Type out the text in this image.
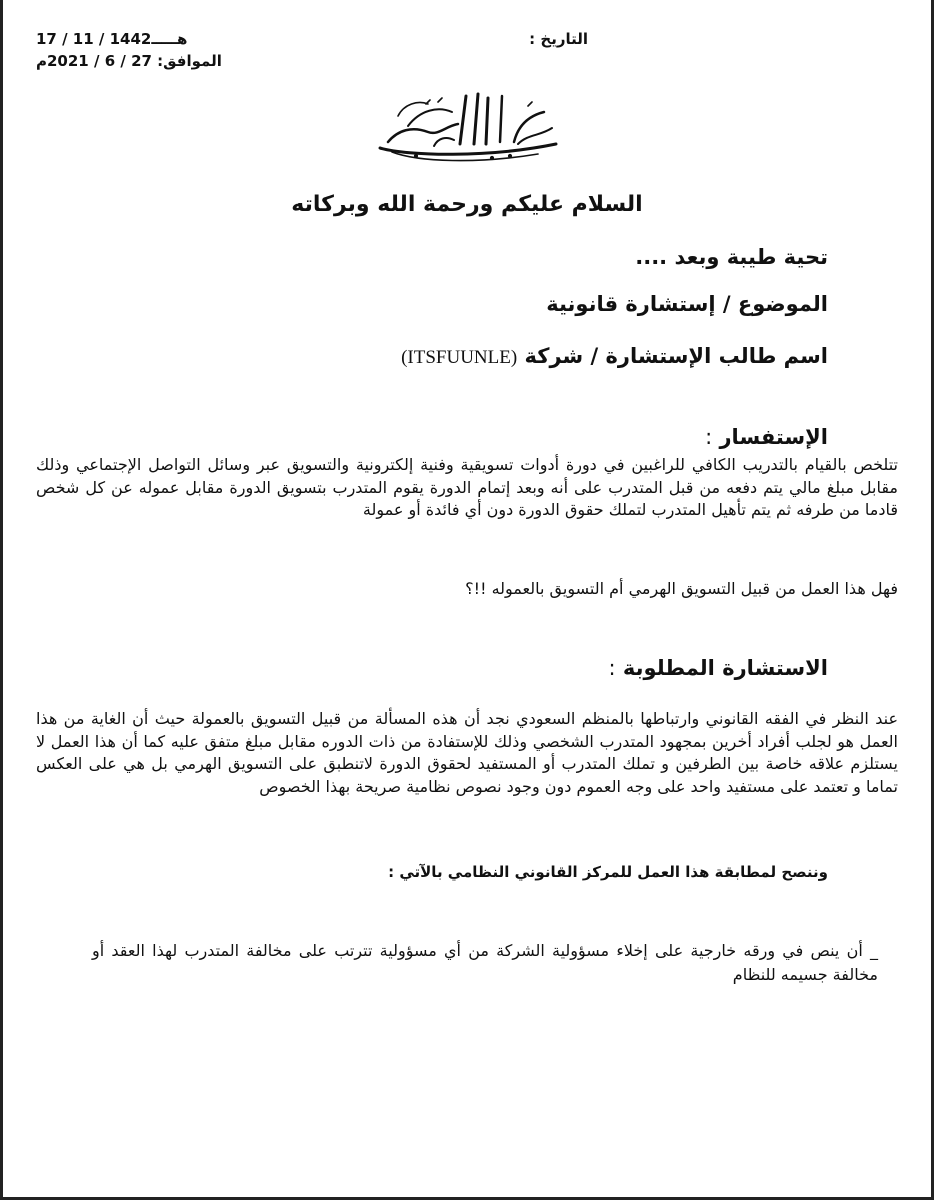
التاريخ :
17 / 11 / 1442هـــــ
الموافق: 27 / 6 / 2021م
السلام عليكم ورحمة الله وبركاته
تحية طيبة وبعد ....
الموضوع / إستشارة قانونية
اسم طالب الإستشارة / شركة (ITSFUUNLE)
الإستفسار :
تتلخص بالقيام بالتدريب الكافي للراغبين في دورة أدوات تسويقية وفنية إلكترونية والتسويق عبر وسائل التواصل الإجتماعي وذلك مقابل مبلغ مالي يتم دفعه من قبل المتدرب على أنه وبعد إتمام الدورة يقوم المتدرب بتسويق الدورة مقابل عموله عن كل شخص قادما من طرفه ثم يتم تأهيل المتدرب لتملك حقوق الدورة دون أي فائدة أو عمولة
فهل هذا العمل من قبيل التسويق الهرمي أم التسويق بالعموله !!؟
الاستشارة المطلوبة :
عند النظر في الفقه القانوني وارتباطها بالمنظم السعودي نجد أن هذه المسألة من قبيل التسويق بالعمولة حيث أن الغاية من هذا العمل هو لجلب أفراد أخرين بمجهود المتدرب الشخصي وذلك للإستفادة من ذات الدوره مقابل مبلغ متفق عليه كما أن هذا العمل لا يستلزم علاقه خاصة بين الطرفين و تملك المتدرب أو المستفيد لحقوق الدورة لاتنطبق على التسويق الهرمي بل هي على العكس تماما و تعتمد على مستفيد واحد على وجه العموم دون وجود نصوص نظامية صريحة بهذا الخصوص
وننصح لمطابقة هذا العمل للمركز القانوني النظامي بالآتي :
_ أن ينص في ورقه خارجية على إخلاء مسؤولية الشركة من أي مسؤولية تترتب على مخالفة المتدرب لهذا العقد أو مخالفة جسيمه للنظام
